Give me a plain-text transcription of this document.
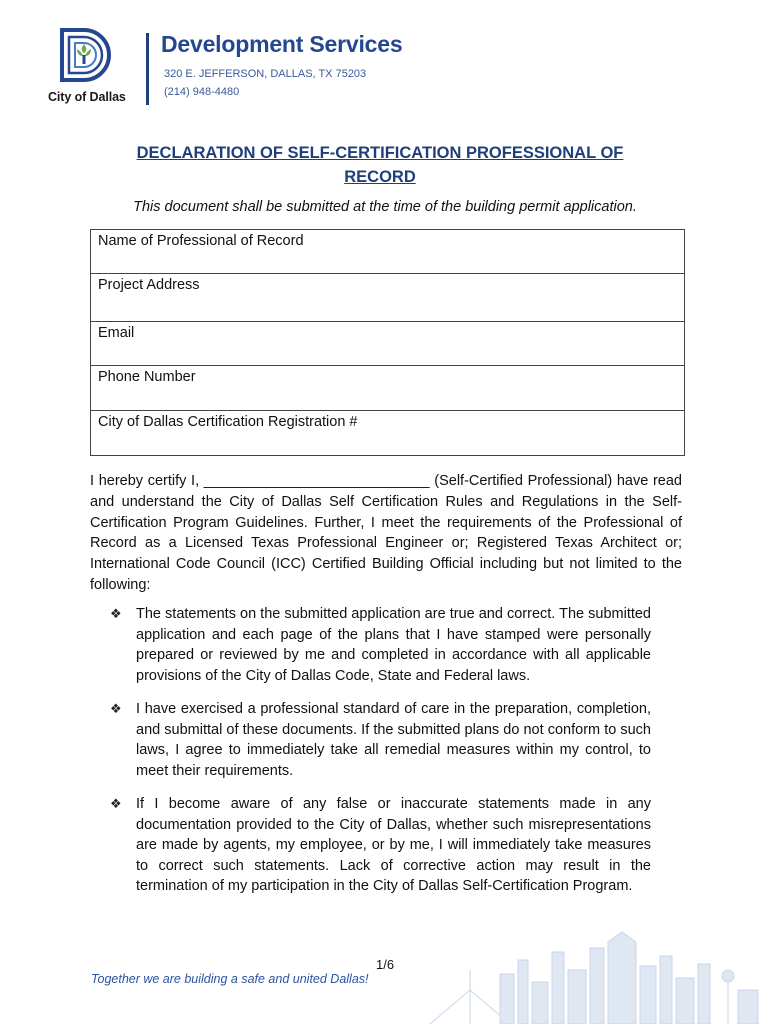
City of Dallas
Development Services
320 E. JEFFERSON, DALLAS, TX 75203
(214) 948-4480
DECLARATION OF SELF-CERTIFICATION PROFESSIONAL OF RECORD
This document shall be submitted at the time of the building permit application.
Name of Professional of Record
Project Address
Email
Phone Number
City of Dallas Certification Registration #
I hereby certify I, ____________________________ (Self-Certified Professional) have read and understand the City of Dallas Self Certification Rules and Regulations in the Self-Certification Program Guidelines. Further, I meet the requirements of the Professional of Record as a Licensed Texas Professional Engineer or; Registered Texas Architect or; International Code Council (ICC) Certified Building Official including but not limited to the following:
❖ The statements on the submitted application are true and correct. The submitted application and each page of the plans that I have stamped were personally prepared or reviewed by me and completed in accordance with all applicable provisions of the City of Dallas Code, State and Federal laws.
❖ I have exercised a professional standard of care in the preparation, completion, and submittal of these documents. If the submitted plans do not conform to such laws, I agree to immediately take all remedial measures within my control, to meet their requirements.
❖ If I become aware of any false or inaccurate statements made in any documentation provided to the City of Dallas, whether such misrepresentations are made by agents, my employee, or by me, I will immediately take measures to correct such statements. Lack of corrective action may result in the termination of my participation in the City of Dallas Self-Certification Program.
1/6
Together we are building a safe and united Dallas!
